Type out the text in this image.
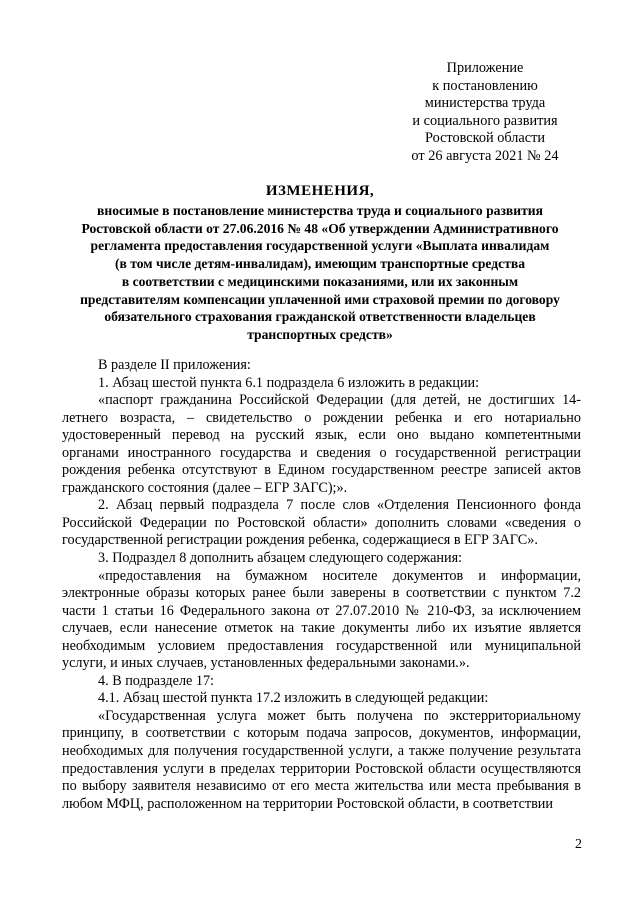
Приложение
к постановлению
министерства труда
и социального развития
Ростовской области
от 26 августа 2021 № 24
ИЗМЕНЕНИЯ,
вносимые в постановление министерства труда и социального развития
Ростовской области от 27.06.2016 № 48 «Об утверждении Административного
регламента предоставления государственной услуги «Выплата инвалидам
(в том числе детям-инвалидам), имеющим транспортные средства
в соответствии с медицинскими показаниями, или их законным
представителям компенсации уплаченной ими страховой премии по договору
обязательного страхования гражданской ответственности владельцев
транспортных средств»

В разделе II приложения:

1. Абзац шестой пункта 6.1 подраздела 6 изложить в редакции:

«паспорт гражданина Российской Федерации (для детей, не достигших 14-летнего возраста, – свидетельство о рождении ребенка и его нотариально удостоверенный перевод на русский язык, если оно выдано компетентными органами иностранного государства и сведения о государственной регистрации рождения ребенка отсутствуют в Едином государственном реестре записей актов гражданского состояния (далее – ЕГР ЗАГС);».

2. Абзац первый подраздела 7 после слов «Отделения Пенсионного фонда Российской Федерации по Ростовской области» дополнить словами «сведения о государственной регистрации рождения ребенка, содержащиеся в ЕГР ЗАГС».

3. Подраздел 8 дополнить абзацем следующего содержания:

«предоставления на бумажном носителе документов и информации, электронные образы которых ранее были заверены в соответствии с пунктом 7.2 части 1 статьи 16 Федерального закона от 27.07.2010 № 210-ФЗ, за исключением случаев, если нанесение отметок на такие документы либо их изъятие является необходимым условием предоставления государственной или муниципальной услуги, и иных случаев, установленных федеральными законами.».

4. В подразделе 17:

4.1. Абзац шестой пункта 17.2 изложить в следующей редакции:

«Государственная услуга может быть получена по экстерриториальному принципу, в соответствии с которым подача запросов, документов, информации, необходимых для получения государственной услуги, а также получение результата предоставления услуги в пределах территории Ростовской области осуществляются по выбору заявителя независимо от его места жительства или места пребывания в любом МФЦ, расположенном на территории Ростовской области, в соответствии

2
